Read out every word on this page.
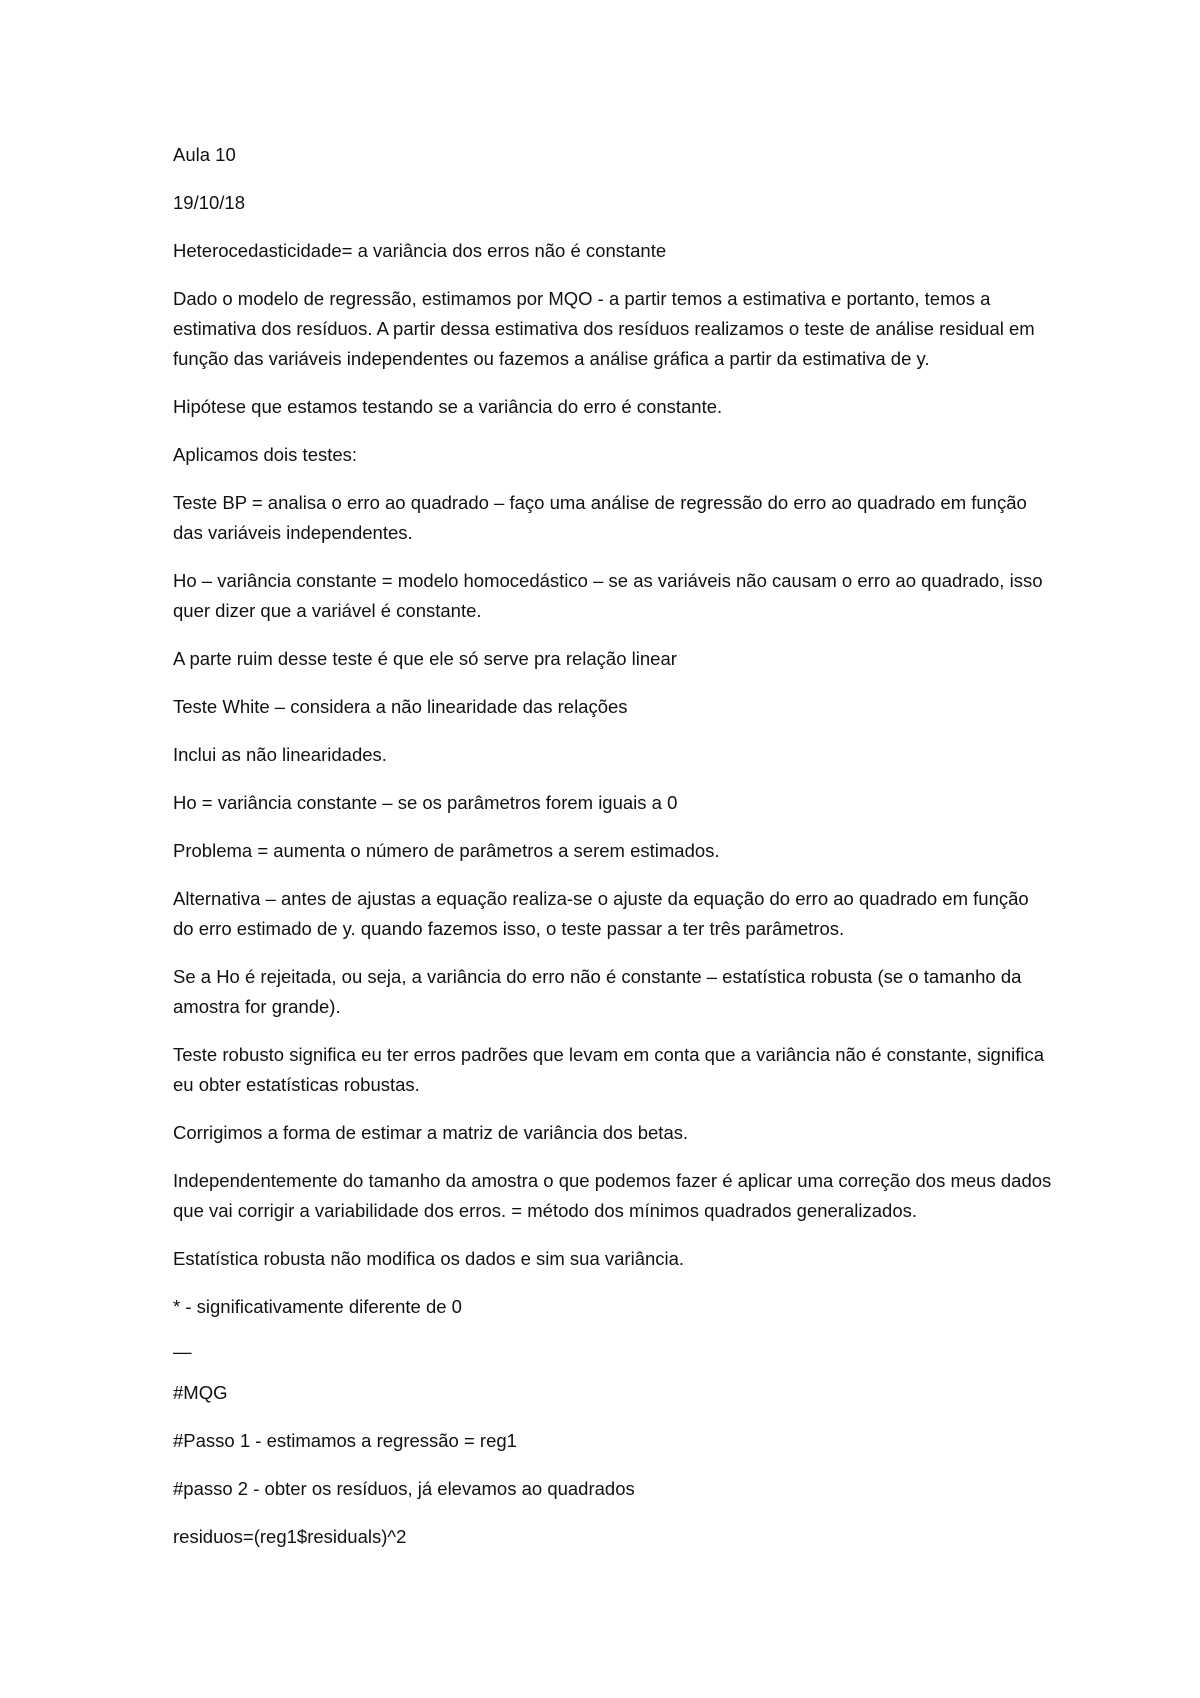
Aula 10

19/10/18

Heterocedasticidade= a variância dos erros não é constante

Dado o modelo de regressão, estimamos por MQO - a partir temos a estimativa e portanto, temos a estimativa dos resíduos. A partir dessa estimativa dos resíduos realizamos o teste de análise residual em função das variáveis independentes ou fazemos a análise gráfica a partir da estimativa de y.

Hipótese que estamos testando se a variância do erro é constante.

Aplicamos dois testes:

Teste BP = analisa o erro ao quadrado – faço uma análise de regressão do erro ao quadrado em função das variáveis independentes.

Ho – variância constante = modelo homocedástico – se as variáveis não causam o erro ao quadrado, isso quer dizer que a variável é constante.

A parte ruim desse teste é que ele só serve pra relação linear

Teste White – considera a não linearidade das relações

Inclui as não linearidades.

Ho = variância constante – se os parâmetros forem iguais a 0

Problema = aumenta o número de parâmetros a serem estimados.

Alternativa – antes de ajustas a equação realiza-se o ajuste da equação do erro ao quadrado em função do erro estimado de y. quando fazemos isso, o teste passar a ter três parâmetros.

Se a Ho é rejeitada, ou seja, a variância do erro não é constante – estatística robusta (se o tamanho da amostra for grande).

Teste robusto significa eu ter erros padrões que levam em conta que a variância não é constante, significa eu obter estatísticas robustas.

Corrigimos a forma de estimar a matriz de variância dos betas.

Independentemente do tamanho da amostra o que podemos fazer é aplicar uma correção dos meus dados que vai corrigir a variabilidade dos erros. = método dos mínimos quadrados generalizados.

Estatística robusta não modifica os dados e sim sua variância.

* - significativamente diferente de 0

—

#MQG

#Passo 1 - estimamos a regressão = reg1

#passo 2 - obter os resíduos, já elevamos ao quadrados

residuos=(reg1$residuals)^2
